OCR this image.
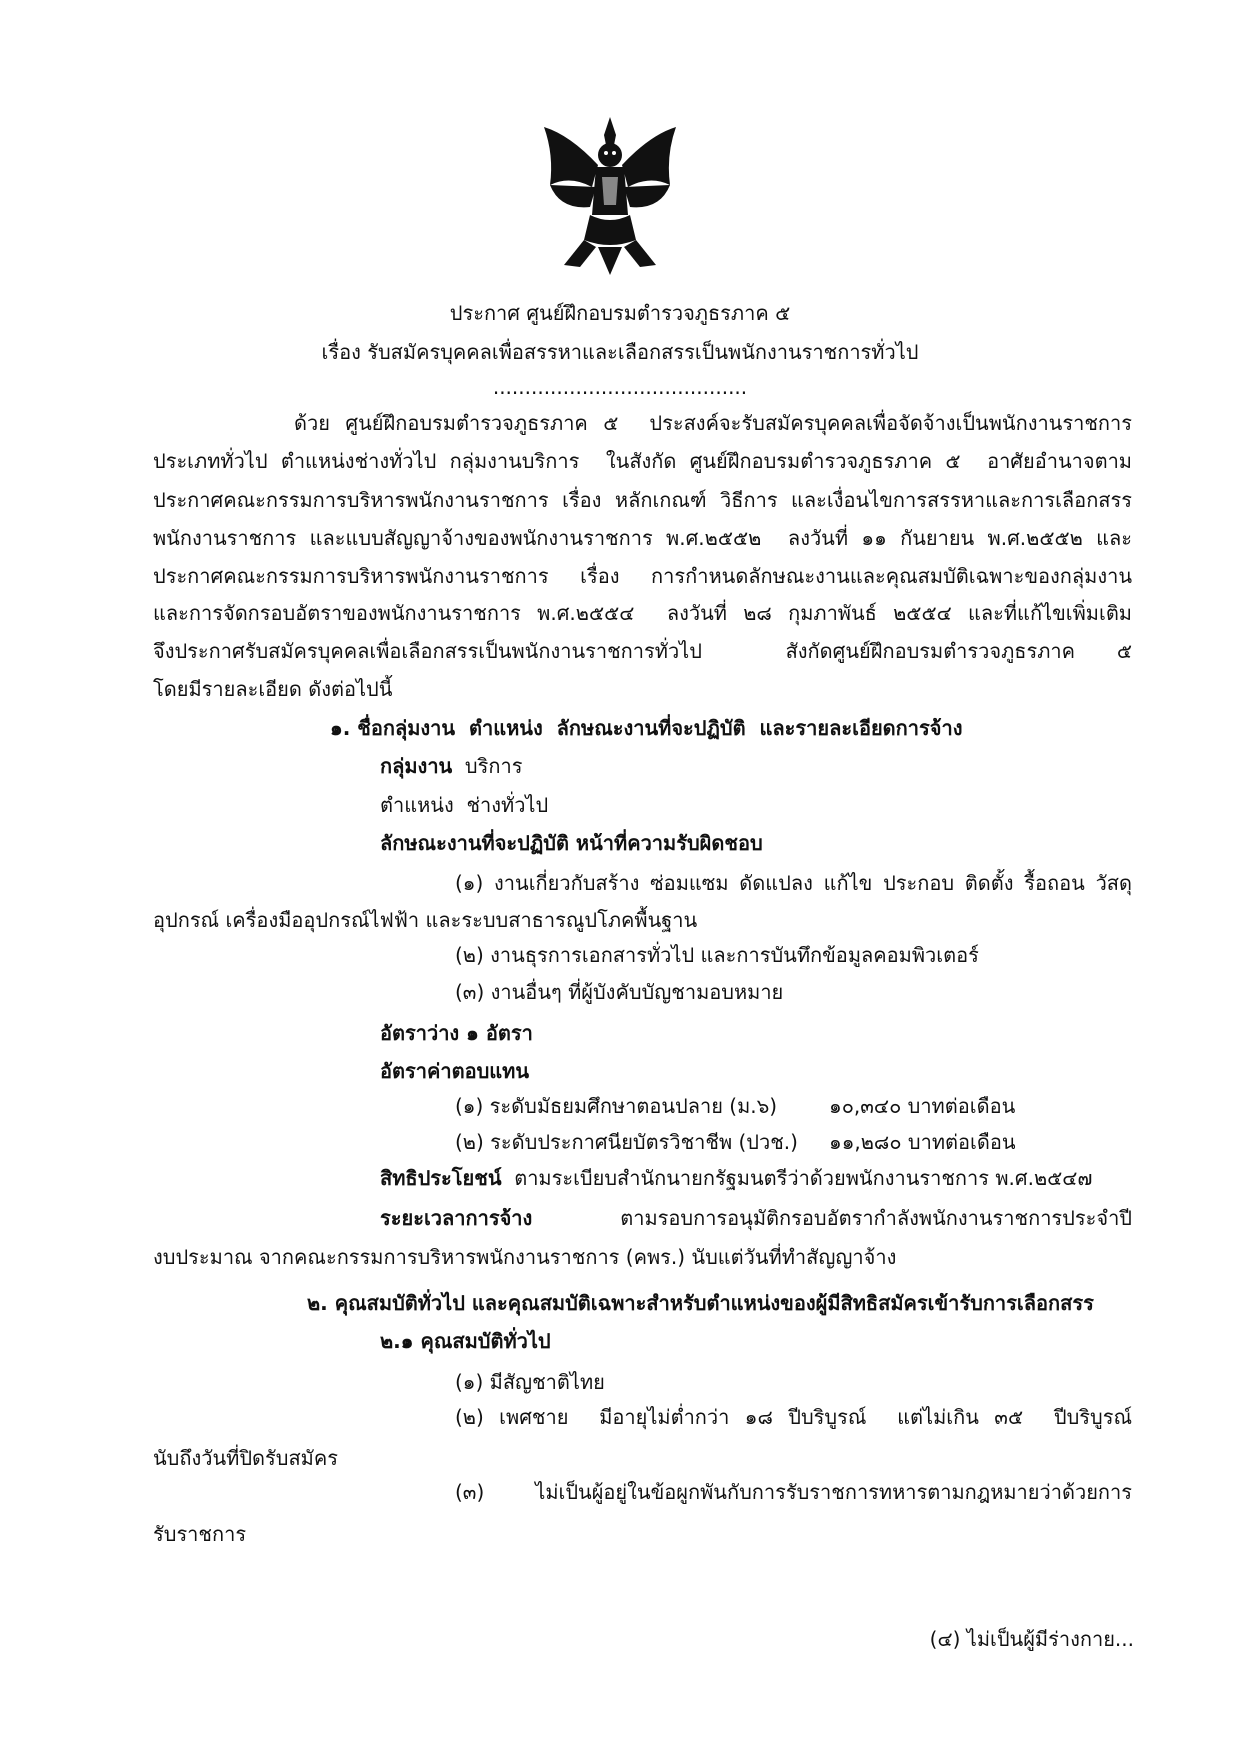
ประกาศ ศูนย์ฝึกอบรมตำรวจภูธรภาค ๕
เรื่อง รับสมัครบุคคลเพื่อสรรหาและเลือกสรรเป็นพนักงานราชการทั่วไป
........................................
ด้วย ศูนย์ฝึกอบรมตำรวจภูธรภาค ๕  ประสงค์จะรับสมัครบุคคลเพื่อจัดจ้างเป็นพนักงานราชการ
ประเภททั่วไป ตำแหน่งช่างทั่วไป กลุ่มงานบริการ  ในสังกัด ศูนย์ฝึกอบรมตำรวจภูธรภาค ๕  อาศัยอำนาจตาม
ประกาศคณะกรรมการบริหารพนักงานราชการ เรื่อง หลักเกณฑ์ วิธีการ และเงื่อนไขการสรรหาและการเลือกสรร
พนักงานราชการ และแบบสัญญาจ้างของพนักงานราชการ พ.ศ.๒๕๕๒  ลงวันที่ ๑๑ กันยายน พ.ศ.๒๕๕๒ และ
ประกาศคณะกรรมการบริหารพนักงานราชการ เรื่อง การกำหนดลักษณะงานและคุณสมบัติเฉพาะของกลุ่มงาน
และการจัดกรอบอัตราของพนักงานราชการ พ.ศ.๒๕๕๔  ลงวันที่ ๒๘ กุมภาพันธ์ ๒๕๕๔ และที่แก้ไขเพิ่มเติม
จึงประกาศรับสมัครบุคคลเพื่อเลือกสรรเป็นพนักงานราชการทั่วไป  สังกัดศูนย์ฝึกอบรมตำรวจภูธรภาค ๕
โดยมีรายละเอียด ดังต่อไปนี้
๑. ชื่อกลุ่มงาน  ตำแหน่ง  ลักษณะงานที่จะปฏิบัติ  และรายละเอียดการจ้าง
กลุ่มงาน  บริการ
ตำแหน่ง  ช่างทั่วไป
ลักษณะงานที่จะปฏิบัติ หน้าที่ความรับผิดชอบ
(๑) งานเกี่ยวกับสร้าง ซ่อมแซม ดัดแปลง แก้ไข ประกอบ ติดตั้ง รื้อถอน วัสดุ
อุปกรณ์ เครื่องมืออุปกรณ์ไฟฟ้า และระบบสาธารณูปโภคพื้นฐาน
(๒) งานธุรการเอกสารทั่วไป และการบันทึกข้อมูลคอมพิวเตอร์
(๓) งานอื่นๆ ที่ผู้บังคับบัญชามอบหมาย
อัตราว่าง ๑ อัตรา
อัตราค่าตอบแทน
๑๐,๓๔๐ บาทต่อเดือน
(๑) ระดับมัธยมศึกษาตอนปลาย (ม.๖)
๑๑,๒๘๐ บาทต่อเดือน
(๒) ระดับประกาศนียบัตรวิชาชีพ (ปวช.)
สิทธิประโยชน์  ตามระเบียบสำนักนายกรัฐมนตรีว่าด้วยพนักงานราชการ พ.ศ.๒๕๔๗
ระยะเวลาการจ้าง  ตามรอบการอนุมัติกรอบอัตรากำลังพนักงานราชการประจำปี
งบประมาณ จากคณะกรรมการบริหารพนักงานราชการ (คพร.) นับแต่วันที่ทำสัญญาจ้าง
๒. คุณสมบัติทั่วไป และคุณสมบัติเฉพาะสำหรับตำแหน่งของผู้มีสิทธิสมัครเข้ารับการเลือกสรร
๒.๑ คุณสมบัติทั่วไป
(๑) มีสัญชาติไทย
(๒) เพศชาย  มีอายุไม่ต่ำกว่า ๑๘ ปีบริบูรณ์  แต่ไม่เกิน ๓๕  ปีบริบูรณ์
นับถึงวันที่ปิดรับสมัคร
(๓) ไม่เป็นผู้อยู่ในข้อผูกพันกับการรับราชการทหารตามกฎหมายว่าด้วยการ
รับราชการ
(๔) ไม่เป็นผู้มีร่างกาย...
